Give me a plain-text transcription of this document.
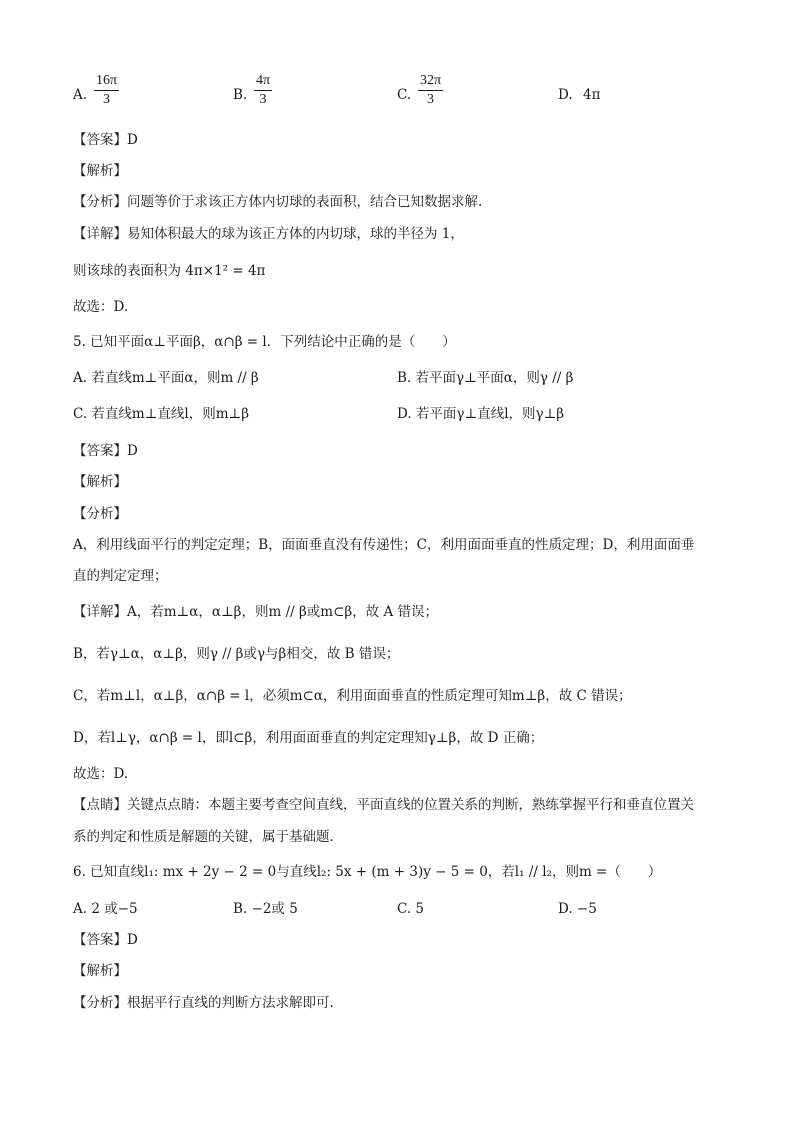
A.
16π
3	B.
4π
3	C.
32π
3	D. 4π
【答案】D
【解析】
【分析】问题等价于求该正方体内切球的表面积，结合已知数据求解.
【详解】易知体积最大的球为该正方体的内切球，球的半径为 1，
则该球的表面积为 4π×1² = 4π
故选：D.
5. 已知平面α⊥平面β，α∩β = l．下列结论中正确的是（　　）
A. 若直线m⊥平面α，则m // β	B. 若平面γ⊥平面α，则γ // β
C. 若直线m⊥直线l，则m⊥β	D. 若平面γ⊥直线l，则γ⊥β
【答案】D
【解析】
【分析】
A，利用线面平行的判定定理；B，面面垂直没有传递性；C，利用面面垂直的性质定理；D，利用面面垂
直的判定定理；
【详解】A，若m⊥α，α⊥β，则m // β或m⊂β，故 A 错误；
B，若γ⊥α，α⊥β，则γ // β或γ与β相交，故 B 错误；
C，若m⊥l，α⊥β，α∩β = l，必须m⊂α，利用面面垂直的性质定理可知m⊥β，故 C 错误；
D，若l⊥γ，α∩β = l，即l⊂β，利用面面垂直的判定定理知γ⊥β，故 D 正确；
故选：D.
【点睛】关键点点睛：本题主要考查空间直线，平面直线的位置关系的判断，熟练掌握平行和垂直位置关
系的判定和性质是解题的关键，属于基础题.
6. 已知直线l₁: mx + 2y − 2 = 0与直线l₂: 5x + (m + 3)y − 5 = 0，若l₁ // l₂，则m =（　　）
A. 2 或−5	B. −2或 5	C. 5	D. −5
【答案】D
【解析】
【分析】根据平行直线的判断方法求解即可.
